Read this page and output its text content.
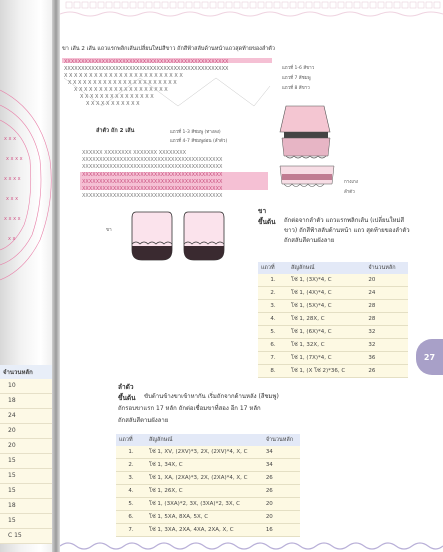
x x x
x x x x
x x x x
x x x
x x x x
x x
จำนวนหลัก
10
18
24
20
20
15
15
15
18
15
C 15
ขา เส้น 2 เส้น แถวแรกพลิกเส้นเปลี่ยนใหม่สีขาว ถักสีฟ้าสลับด้านหน้าแถวสุดท้ายของลำตัว
XXXXXXXXXXXXXXXXXXXXXXXXXXXXXXXXXXXXXXXXXXXXXXXX
XXXXXXXXXXXXXXXXXXXXXXXXXXXXXXXXXXXXXXXXXXXXXXXX
X X X X X X X X X X X X X X X X X X X X X X X X
X X X X X X X X X X X X X X X X X X X X X X
X X X X X X X X X X X X X X X X X X X
X X X X X X X X X X X X X X X
X X X X X X X X X X X
แถวที่ 1-6 สีขาว
แถวที่ 7 สีชมพู
แถวที่ 8 สีขาว
ลำตัว ถัก 2 เส้น	แถวที่ 1-3 สีชมพู (ทางลง)
แถวที่ 4-7 สีชมพูอ่อน (ลำตัว)
XXXXXX XXXXXXXX XXXXXXX XXXXXXXX
XXXXXXXXXXXXXXXXXXXXXXXXXXXXXXXXXXXXXXXXX
XXXXXXXXXXXXXXXXXXXXXXXXXXXXXXXXXXXXXXXXX
XXXXXXXXXXXXXXXXXXXXXXXXXXXXXXXXXXXXXXXXX
XXXXXXXXXXXXXXXXXXXXXXXXXXXXXXXXXXXXXXXXX
XXXXXXXXXXXXXXXXXXXXXXXXXXXXXXXXXXXXXXXXX
XXXXXXXXXXXXXXXXXXXXXXXXXXXXXXXXXXXXXXXXX
กางเกง
ลำตัว
ขา
ขา
ขึ้นต้น ถักต่อจากลำตัว แถวแรกพลิกเส้น (เปลี่ยนใหม่สีขาว) ถักสีฟ้าสลับด้านหน้า แถว สุดท้ายของลำตัว ถักสลับสีตามผังลาย
แถวที่	สัญลักษณ์	จำนวนหลัก
1.	โซ่ 1, (3X)*4, C	20
2.	โซ่ 1, (4X)*4, C	24
3.	โซ่ 1, (5X)*4, C	28
4.	โซ่ 1, 28X, C	28
5.	โซ่ 1, (6X)*4, C	32
6.	โซ่ 1, 32X, C	32
7.	โซ่ 1, (7X)*4, C	36
8.	โซ่ 1, (X โซ่ 2)*36, C	26
27
ลำตัว
ขึ้นต้น ขับด้านข้างขาเข้าหากัน เริ่มถักจากด้านหลัง (สีชมพู)
ถักรอบขาแรก 17 หลัก ถักต่อเชื่อมขาที่สอง อีก 17 หลัก
ถักสลับสีตามผังลาย
แถวที่	สัญลักษณ์	จำนวนหลัก
1.	โซ่ 1, XV, (2XV)*3, 2X, (2XV)*4, X, C	34
2.	โซ่ 1, 34X, C	34
3.	โซ่ 1, XA, (2XA)*3, 2X, (2XA)*4, X, C	26
4.	โซ่ 1, 26X, C	26
5.	โซ่ 1, (3XA)*2, 3X, (3XA)*2, 3X, C	20
6.	โซ่ 1, 5XA, 8XA, 5X, C	20
7.	โซ่ 1, 3XA, 2XA, 4XA, 2XA, X, C	16
